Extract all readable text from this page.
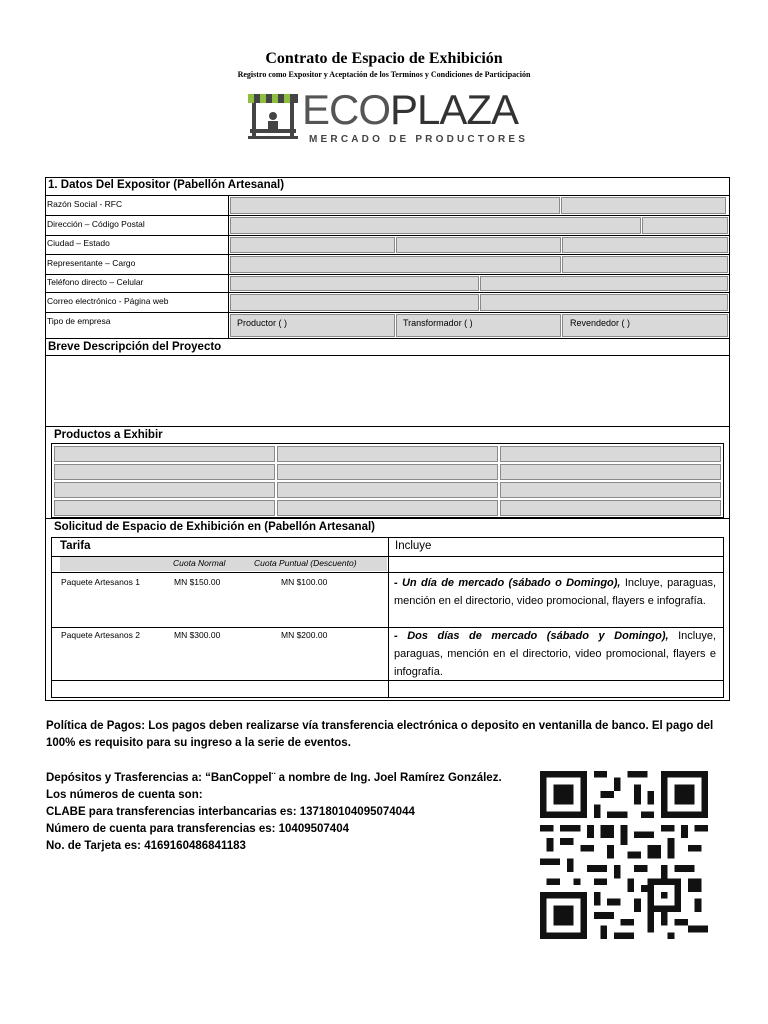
Contrato de Espacio de Exhibición
Registro como Expositor y Aceptación de los Terminos y Condiciones de Participación
ECOPLAZA
MERCADO DE PRODUCTORES
1. Datos Del Expositor (Pabellón Artesanal)
Razón Social - RFC
Dirección – Código Postal
Ciudad – Estado
Representante – Cargo
Teléfono directo – Celular
Correo electrónico - Página web
Tipo de empresa	Productor ( )	Transformador ( )	Revendedor ( )
Breve Descripción del Proyecto
Productos a Exhibir
Solicitud de Espacio de Exhibición en (Pabellón Artesanal)
Tarifa	Incluye
Cuota Normal	Cuota Puntual (Descuento)
Paquete Artesanos 1	MN $150.00	MN $100.00	- Un día de mercado (sábado o Domingo), Incluye, paraguas, mención en el directorio, video promocional, flayers e infografía.
Paquete Artesanos 2	MN $300.00	MN $200.00	- Dos días de mercado (sábado y Domingo), Incluye, paraguas, mención en el directorio, video promocional, flayers e infografía.
Política de Pagos: Los pagos deben realizarse vía transferencia electrónica o deposito en ventanilla de banco. El pago del 100% es requisito para su ingreso a la serie de eventos.
Depósitos y Trasferencias a: “BanCoppel¨ a nombre de Ing. Joel Ramírez González.
Los números de cuenta son:
CLABE para transferencias interbancarias es: 137180104095074044
Número de cuenta para transferencias es: 10409507404
No. de Tarjeta es: 4169160486841183
